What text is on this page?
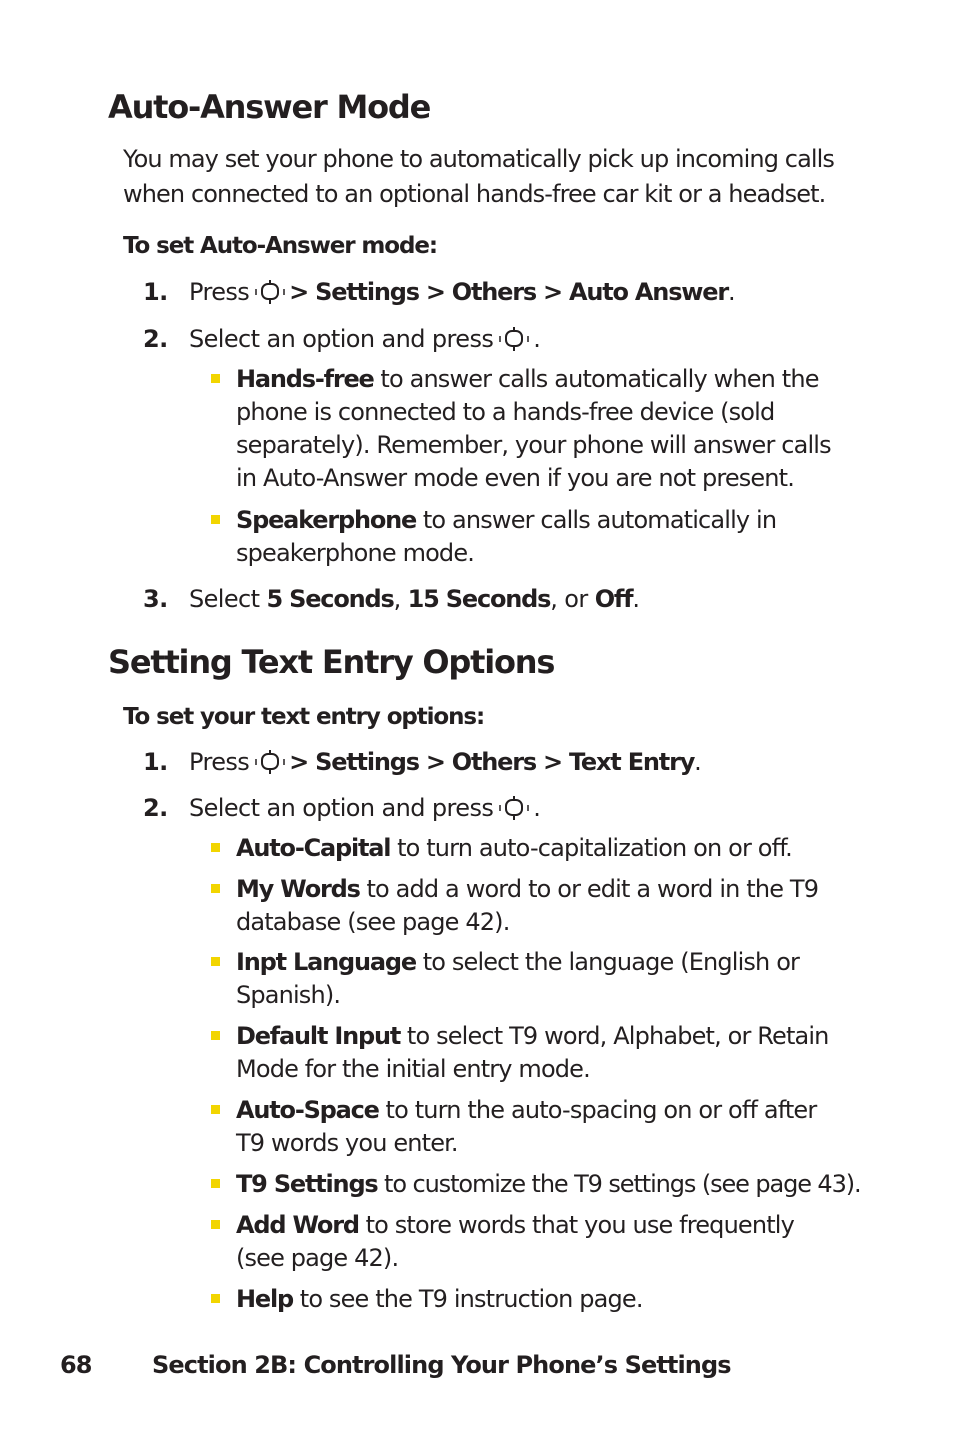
Auto-Answer Mode

You may set your phone to automatically pick up incoming calls
when connected to an optional hands-free car kit or a headset.

To set Auto-Answer mode:

1. Press > Settings > Others > Auto Answer.
2. Select an option and press .
Hands-free to answer calls automatically when the
phone is connected to a hands-free device (sold
separately). Remember, your phone will answer calls
in Auto-Answer mode even if you are not present.
Speakerphone to answer calls automatically in
speakerphone mode.
3. Select 5 Seconds, 15 Seconds, or Off.
Setting Text Entry Options

To set your text entry options:

1. Press > Settings > Others > Text Entry.
2. Select an option and press .
Auto-Capital to turn auto-capitalization on or off.
My Words to add a word to or edit a word in the T9
database (see page 42).
Inpt Language to select the language (English or
Spanish).
Default Input to select T9 word, Alphabet, or Retain
Mode for the initial entry mode.
Auto-Space to turn the auto-spacing on or off after
T9 words you enter.
T9 Settings to customize the T9 settings (see page 43).
Add Word to store words that you use frequently
(see page 42).
Help to see the T9 instruction page.
68	Section 2B: Controlling Your Phone’s Settings
